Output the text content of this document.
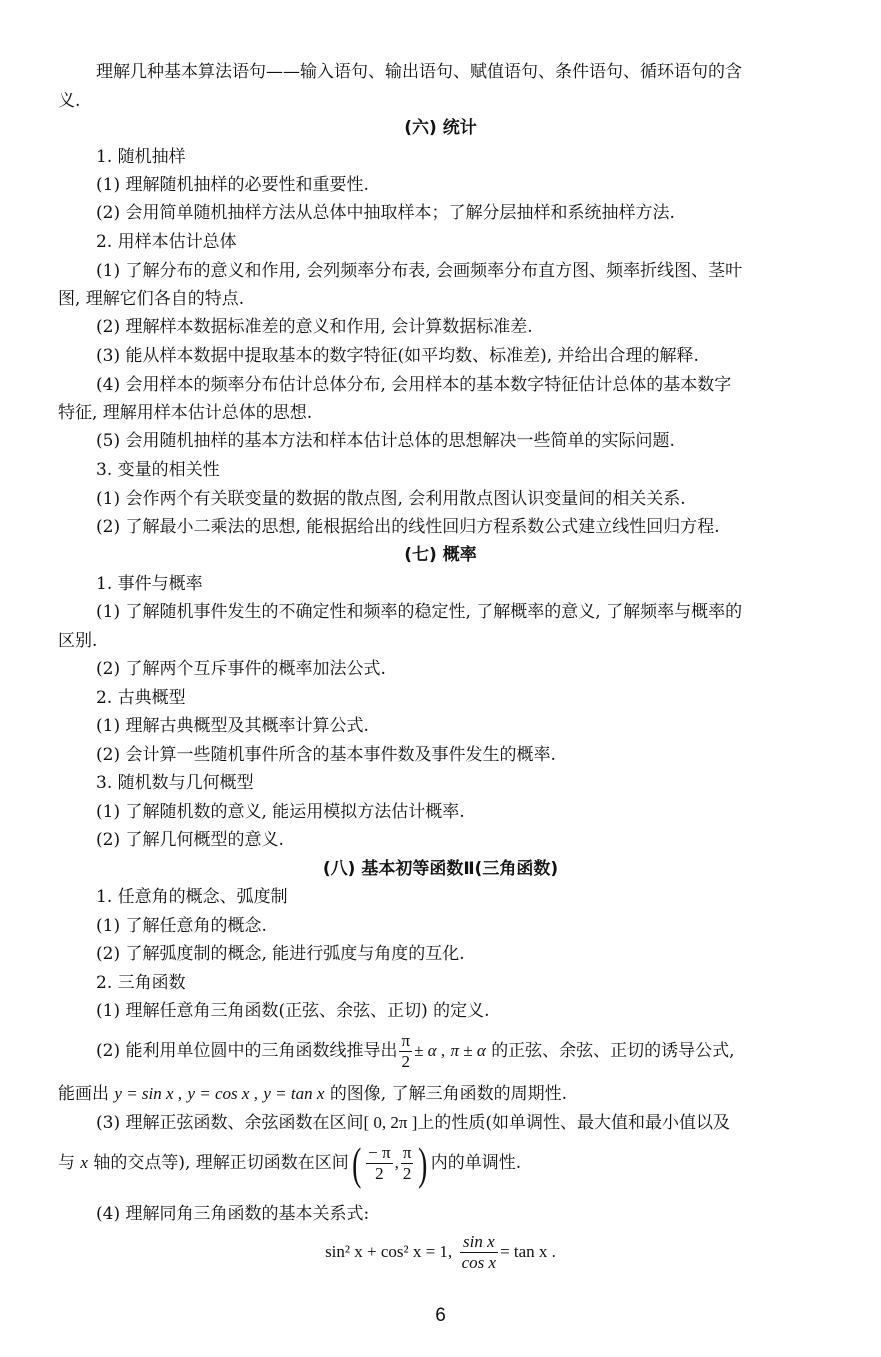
理解几种基本算法语句——输入语句、输出语句、赋值语句、条件语句、循环语句的含
义.
(六) 统计
1. 随机抽样
(1) 理解随机抽样的必要性和重要性.
(2) 会用简单随机抽样方法从总体中抽取样本；了解分层抽样和系统抽样方法.
2. 用样本估计总体
(1) 了解分布的意义和作用, 会列频率分布表, 会画频率分布直方图、频率折线图、茎叶
图, 理解它们各自的特点.
(2) 理解样本数据标准差的意义和作用, 会计算数据标准差.
(3) 能从样本数据中提取基本的数字特征(如平均数、标准差), 并给出合理的解释.
(4) 会用样本的频率分布估计总体分布, 会用样本的基本数字特征估计总体的基本数字
特征, 理解用样本估计总体的思想.
(5) 会用随机抽样的基本方法和样本估计总体的思想解决一些简单的实际问题.
3. 变量的相关性
(1) 会作两个有关联变量的数据的散点图, 会利用散点图认识变量间的相关关系.
(2) 了解最小二乘法的思想, 能根据给出的线性回归方程系数公式建立线性回归方程.
(七) 概率
1. 事件与概率
(1) 了解随机事件发生的不确定性和频率的稳定性, 了解概率的意义, 了解频率与概率的
区别.
(2) 了解两个互斥事件的概率加法公式.
2. 古典概型
(1) 理解古典概型及其概率计算公式.
(2) 会计算一些随机事件所含的基本事件数及事件发生的概率.
3. 随机数与几何概型
(1) 了解随机数的意义, 能运用模拟方法估计概率.
(2) 了解几何概型的意义.
(八) 基本初等函数Ⅱ(三角函数)
1. 任意角的概念、弧度制
(1) 了解任意角的概念.
(2) 了解弧度制的概念, 能进行弧度与角度的互化.
2. 三角函数
(1) 理解任意角三角函数(正弦、余弦、正切) 的定义.
(2) 能利用单位圆中的三角函数线推导出 $\frac{\pi}{2} \pm \alpha$ , π ± α 的正弦、余弦、正切的诱导公式,
能画出 y = sin x , y = cos x , y = tan x 的图像, 了解三角函数的周期性.
(3) 理解正弦函数、余弦函数在区间[ 0, 2π ]上的性质(如单调性、最大值和最小值以及
与 x 轴的交点等), 理解正切函数在区间( $\frac{- \pi}{2}$ , $\frac{\pi}{2}$ ) 内的单调性.
(4) 理解同角三角函数的基本关系式:
sin² x + cos² x = 1, $\frac{\text{sin x}}{\text{cos x}} = \tan x$ .
6
